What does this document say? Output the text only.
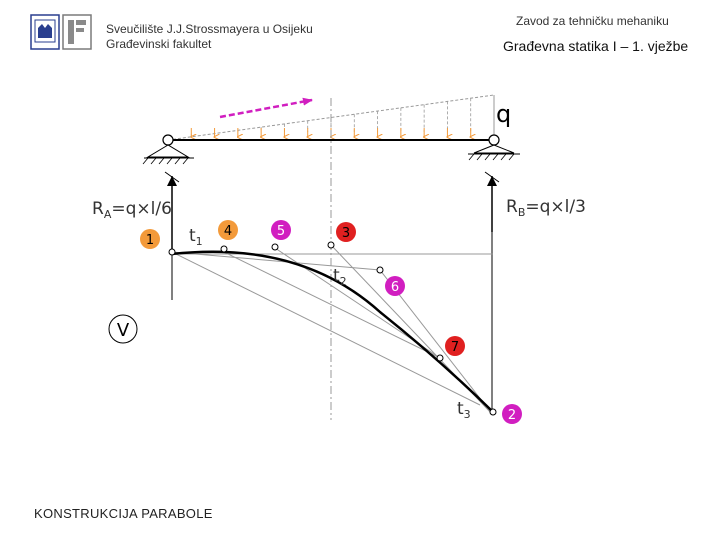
Sveučilište J.J.Strossmayera u Osijeku
Građevinski fakultet
Zavod za tehničku mehaniku
Građevna statika I – 1. vježbe
q
$R_A=q\times l/6$	$R_B=q\times l/3$
$t_1$
$t_2$
$t_3$
V
1
4	5	3
6
7
2
KONSTRUKCIJA PARABOLE
